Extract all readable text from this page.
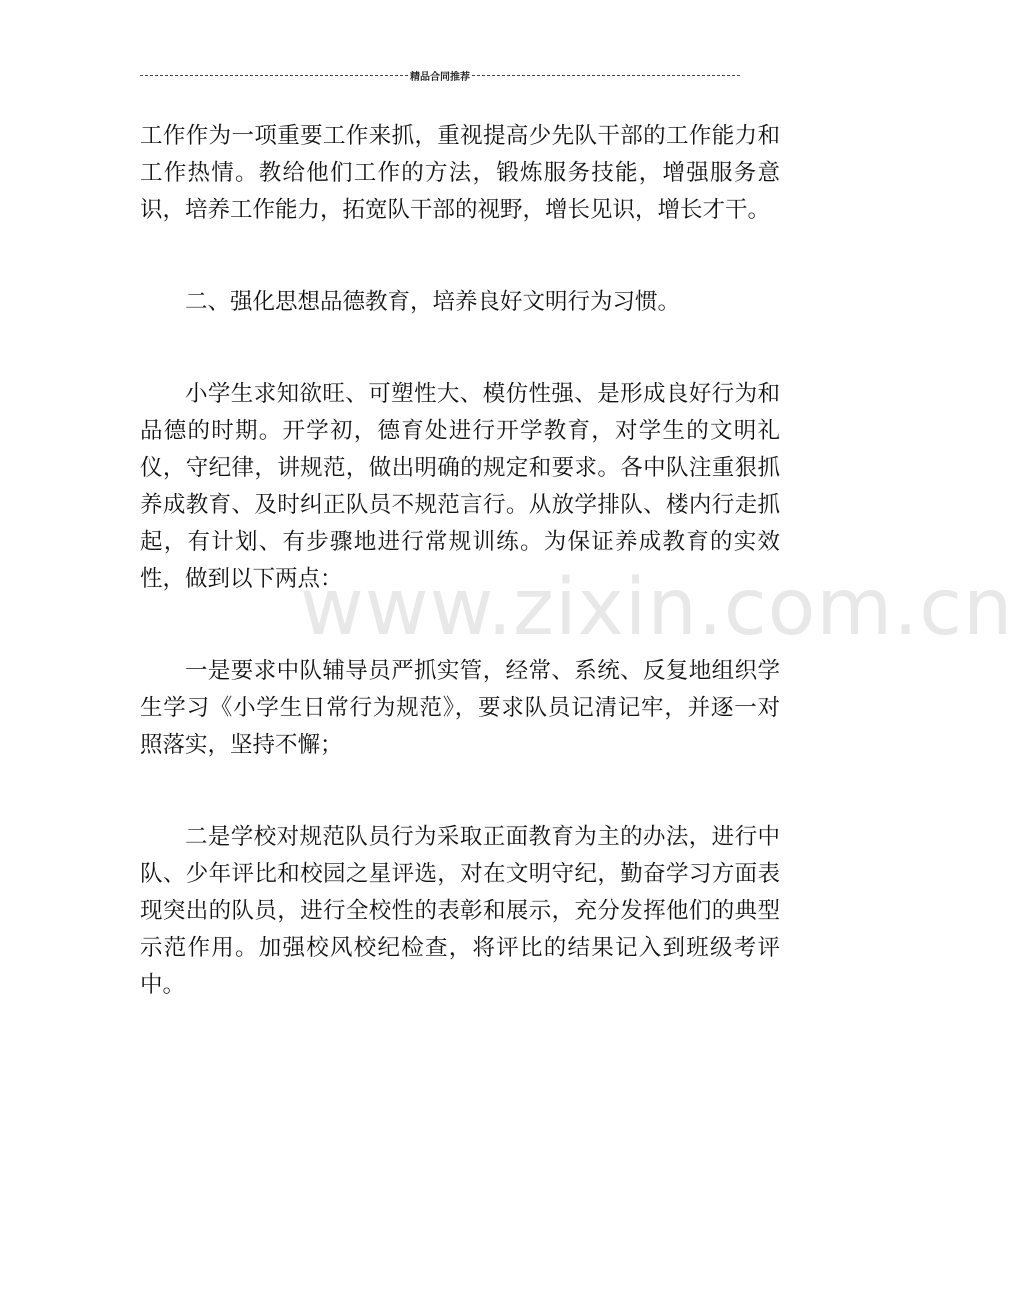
精品合同推荐

工作作为一项重要工作来抓，重视提高少先队干部的工作能力和工作热情。教给他们工作的方法，锻炼服务技能，增强服务意识，培养工作能力，拓宽队干部的视野，增长见识，增长才干。

二、强化思想品德教育，培养良好文明行为习惯。

小学生求知欲旺、可塑性大、模仿性强、是形成良好行为和品德的时期。开学初，德育处进行开学教育，对学生的文明礼仪，守纪律，讲规范，做出明确的规定和要求。各中队注重狠抓养成教育、及时纠正队员不规范言行。从放学排队、楼内行走抓起，有计划、有步骤地进行常规训练。为保证养成教育的实效性，做到以下两点：

一是要求中队辅导员严抓实管，经常、系统、反复地组织学生学习《小学生日常行为规范》，要求队员记清记牢，并逐一对照落实，坚持不懈；

二是学校对规范队员行为采取正面教育为主的办法，进行中队、少年评比和校园之星评选，对在文明守纪，勤奋学习方面表现突出的队员，进行全校性的表彰和展示，充分发挥他们的典型示范作用。加强校风校纪检查，将评比的结果记入到班级考评中。

www.zixin.com.cn
